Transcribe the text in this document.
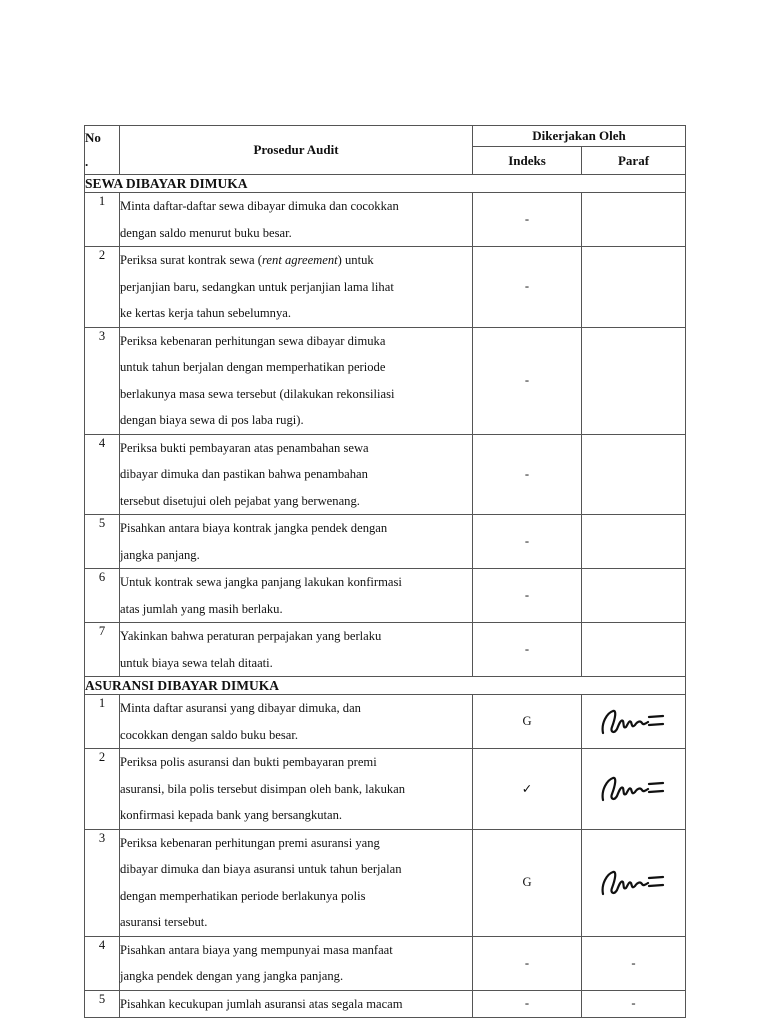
No
.	Prosedur Audit	Dikerjakan Oleh	
		Indeks	Paraf
SEWA DIBAYAR DIMUKA			
1	Minta daftar-daftar sewa dibayar dimuka dan cocokkan
dengan saldo menurut buku besar.	-	
2	Periksa surat kontrak sewa (rent agreement) untuk
perjanjian baru, sedangkan untuk perjanjian lama lihat
ke kertas kerja tahun sebelumnya.	-	
3	Periksa kebenaran perhitungan sewa dibayar dimuka
untuk tahun berjalan dengan memperhatikan periode
berlakunya masa sewa tersebut (dilakukan rekonsiliasi
dengan biaya sewa di pos laba rugi).	-	
4	Periksa bukti pembayaran atas penambahan sewa
dibayar dimuka dan pastikan bahwa penambahan
tersebut disetujui oleh pejabat yang berwenang.	-	
5	Pisahkan antara biaya kontrak jangka pendek dengan
jangka panjang.	-	
6	Untuk kontrak sewa jangka panjang lakukan konfirmasi
atas jumlah yang masih berlaku.	-	
7	Yakinkan bahwa peraturan perpajakan yang berlaku
untuk biaya sewa telah ditaati.	-	
ASURANSI DIBAYAR DIMUKA			
1	Minta daftar asuransi yang dibayar dimuka, dan
cocokkan dengan saldo buku besar.	G	

2	Periksa polis asuransi dan bukti pembayaran premi
asuransi, bila polis tersebut disimpan oleh bank, lakukan
konfirmasi kepada bank yang bersangkutan.	✓	

3	Periksa kebenaran perhitungan premi asuransi yang
dibayar dimuka dan biaya asuransi untuk tahun berjalan
dengan memperhatikan periode berlakunya polis
asuransi tersebut.	G	

4	Pisahkan antara biaya yang mempunyai masa manfaat
jangka pendek dengan yang jangka panjang.	-	-
5	Pisahkan kecukupan jumlah asuransi atas segala macam	-	-
